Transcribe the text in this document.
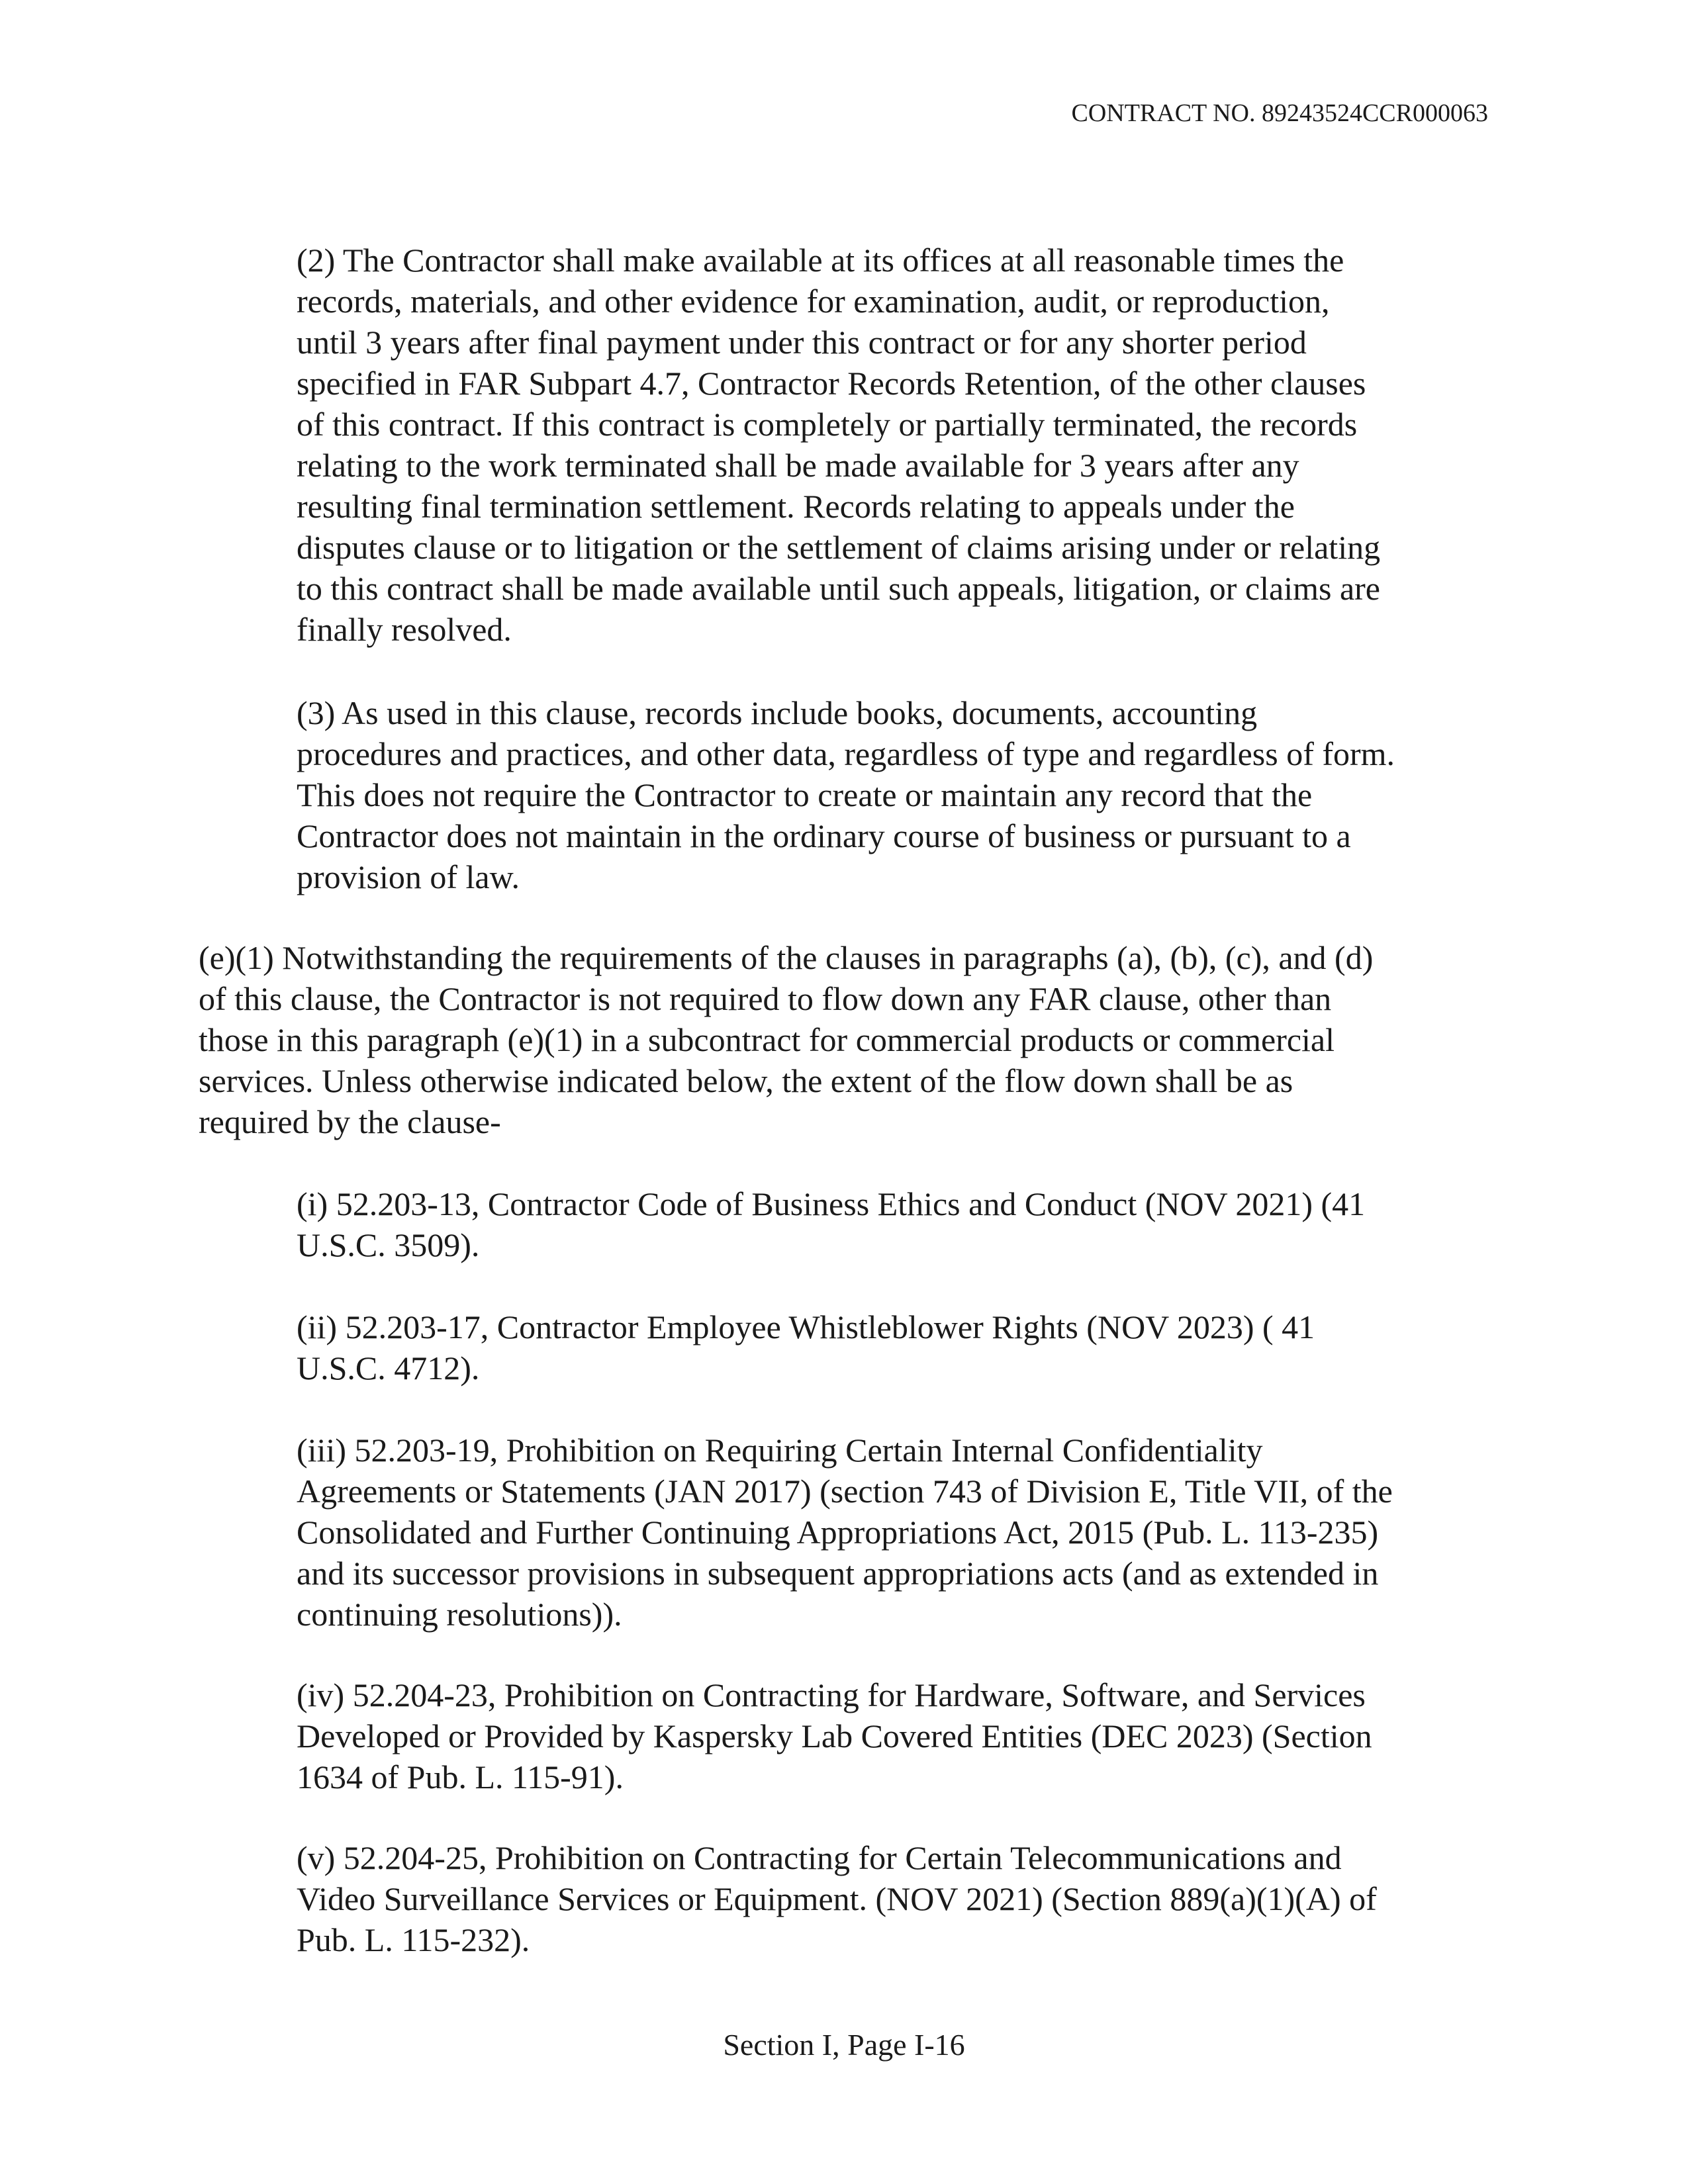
CONTRACT NO. 89243524CCR000063

(2) The Contractor shall make available at its offices at all reasonable times the
records, materials, and other evidence for examination, audit, or reproduction,
until 3 years after final payment under this contract or for any shorter period
specified in FAR Subpart 4.7, Contractor Records Retention, of the other clauses
of this contract. If this contract is completely or partially terminated, the records
relating to the work terminated shall be made available for 3 years after any
resulting final termination settlement. Records relating to appeals under the
disputes clause or to litigation or the settlement of claims arising under or relating
to this contract shall be made available until such appeals, litigation, or claims are
finally resolved.

(3) As used in this clause, records include books, documents, accounting
procedures and practices, and other data, regardless of type and regardless of form.
This does not require the Contractor to create or maintain any record that the
Contractor does not maintain in the ordinary course of business or pursuant to a
provision of law.

(e)(1) Notwithstanding the requirements of the clauses in paragraphs (a), (b), (c), and (d)
of this clause, the Contractor is not required to flow down any FAR clause, other than
those in this paragraph (e)(1) in a subcontract for commercial products or commercial
services. Unless otherwise indicated below, the extent of the flow down shall be as
required by the clause-

(i) 52.203-13, Contractor Code of Business Ethics and Conduct (NOV 2021) (41
U.S.C. 3509).

(ii) 52.203-17, Contractor Employee Whistleblower Rights (NOV 2023) ( 41
U.S.C. 4712).

(iii) 52.203-19, Prohibition on Requiring Certain Internal Confidentiality
Agreements or Statements (JAN 2017) (section 743 of Division E, Title VII, of the
Consolidated and Further Continuing Appropriations Act, 2015 (Pub. L. 113-235)
and its successor provisions in subsequent appropriations acts (and as extended in
continuing resolutions)).

(iv) 52.204-23, Prohibition on Contracting for Hardware, Software, and Services
Developed or Provided by Kaspersky Lab Covered Entities (DEC 2023) (Section
1634 of Pub. L. 115-91).

(v) 52.204-25, Prohibition on Contracting for Certain Telecommunications and
Video Surveillance Services or Equipment. (NOV 2021) (Section 889(a)(1)(A) of
Pub. L. 115-232).

Section I, Page I-16
